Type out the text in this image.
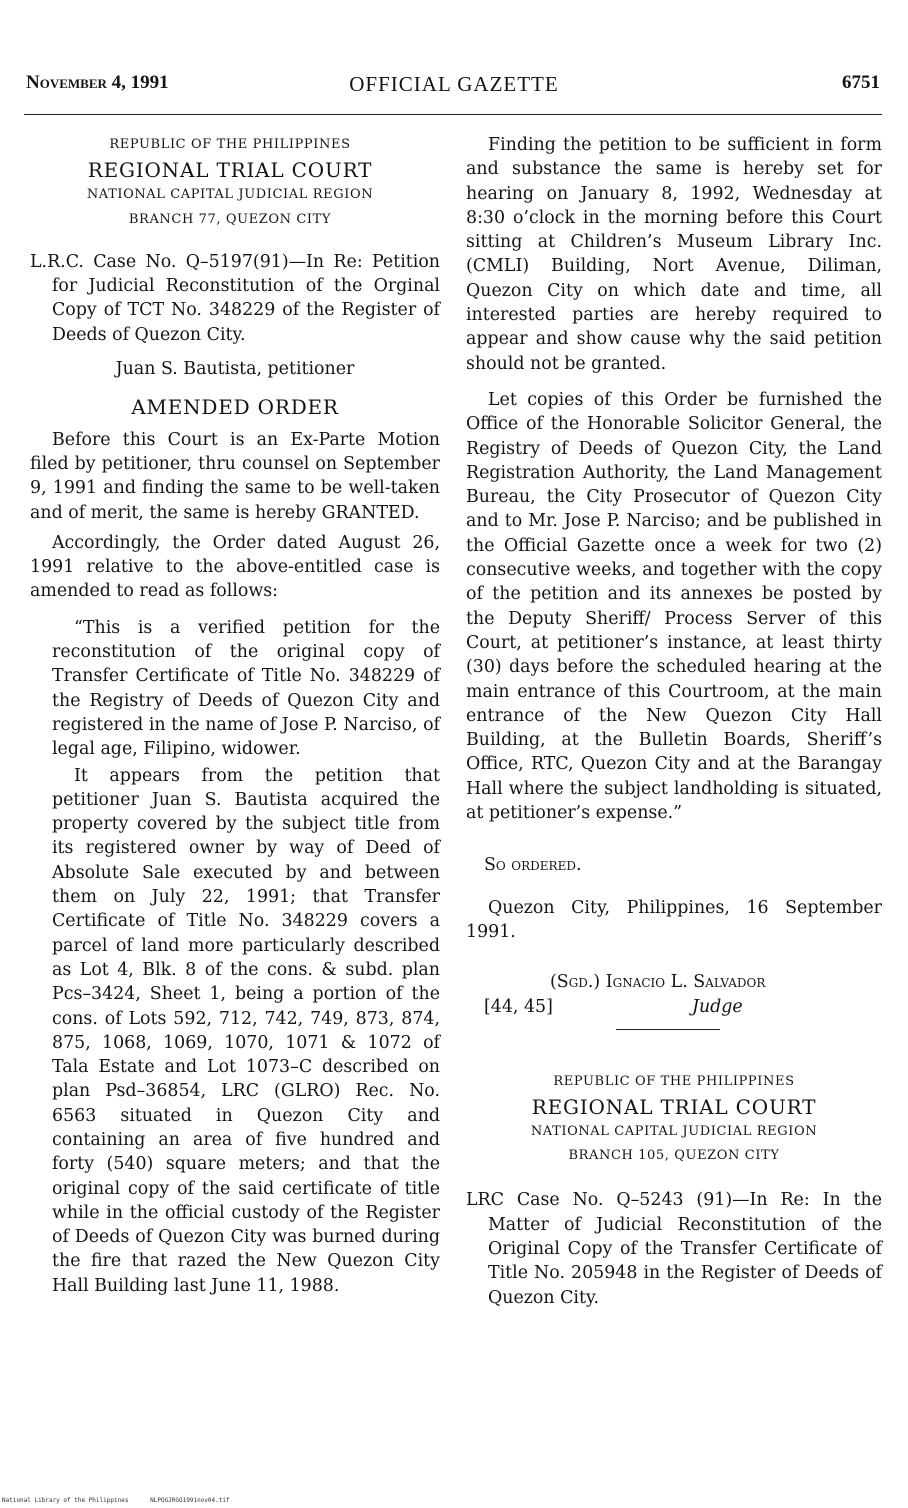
November 4, 1991	OFFICIAL GAZETTE	6751
REPUBLIC OF THE PHILIPPINES
REGIONAL TRIAL COURT
NATIONAL CAPITAL JUDICIAL REGION
BRANCH 77, QUEZON CITY

L.R.C. Case No. Q–5197(91)—In Re: Petition for Judicial Reconstitution of the Orginal Copy of TCT No. 348229 of the Register of Deeds of Quezon City.

Juan S. Bautista, petitioner
AMENDED ORDER

Before this Court is an Ex-Parte Motion filed by petitioner, thru counsel on September 9, 1991 and finding the same to be well-taken and of merit, the same is hereby GRANTED.

Accordingly, the Order dated August 26, 1991 relative to the above-entitled case is amended to read as follows:

“This is a verified petition for the reconstitution of the original copy of Transfer Certificate of Title No. 348229 of the Registry of Deeds of Quezon City and registered in the name of Jose P. Narciso, of legal age, Filipino, widower.

It appears from the petition that petitioner Juan S. Bautista acquired the property covered by the subject title from its registered owner by way of Deed of Absolute Sale executed by and between them on July 22, 1991; that Transfer Certificate of Title No. 348229 covers a parcel of land more particularly described as Lot 4, Blk. 8 of the cons. & subd. plan Pcs–3424, Sheet 1, being a portion of the cons. of Lots 592, 712, 742, 749, 873, 874, 875, 1068, 1069, 1070, 1071 & 1072 of Tala Estate and Lot 1073–C described on plan Psd–36854, LRC (GLRO) Rec. No. 6563 situated in Quezon City and containing an area of five hundred and forty (540) square meters; and that the original copy of the said certificate of title while in the official custody of the Register of Deeds of Quezon City was burned during the fire that razed the New Quezon City Hall Building last June 11, 1988.

Finding the petition to be sufficient in form and substance the same is hereby set for hearing on January 8, 1992, Wednesday at 8:30 o’clock in the morning before this Court sitting at Children’s Museum Library Inc. (CMLI) Building, Nort Avenue, Diliman, Quezon City on which date and time, all interested parties are hereby required to appear and show cause why the said petition should not be granted.

Let copies of this Order be furnished the Office of the Honorable Solicitor General, the Registry of Deeds of Quezon City, the Land Registration Authority, the Land Management Bureau, the City Prosecutor of Quezon City and to Mr. Jose P. Narciso; and be published in the Official Gazette once a week for two (2) consecutive weeks, and together with the copy of the petition and its annexes be posted by the Deputy Sheriff/ Process Server of this Court, at petitioner’s instance, at least thirty (30) days before the scheduled hearing at the main entrance of this Courtroom, at the main entrance of the New Quezon City Hall Building, at the Bulletin Boards, Sheriff’s Office, RTC, Quezon City and at the Barangay Hall where the subject landholding is situated, at petitioner’s expense.”

So ordered.

Quezon City, Philippines, 16 September 1991.

(Sgd.) Ignacio L. Salvador
[44, 45]	Judge
REPUBLIC OF THE PHILIPPINES
REGIONAL TRIAL COURT
NATIONAL CAPITAL JUDICIAL REGION
BRANCH 105, QUEZON CITY

LRC Case No. Q–5243 (91)—In Re: In the Matter of Judicial Reconstitution of the Original Copy of the Transfer Certificate of Title No. 205948 in the Register of Deeds of Quezon City.

National Library of the Philippines	NLPOGJRGO1991nov04.tif
